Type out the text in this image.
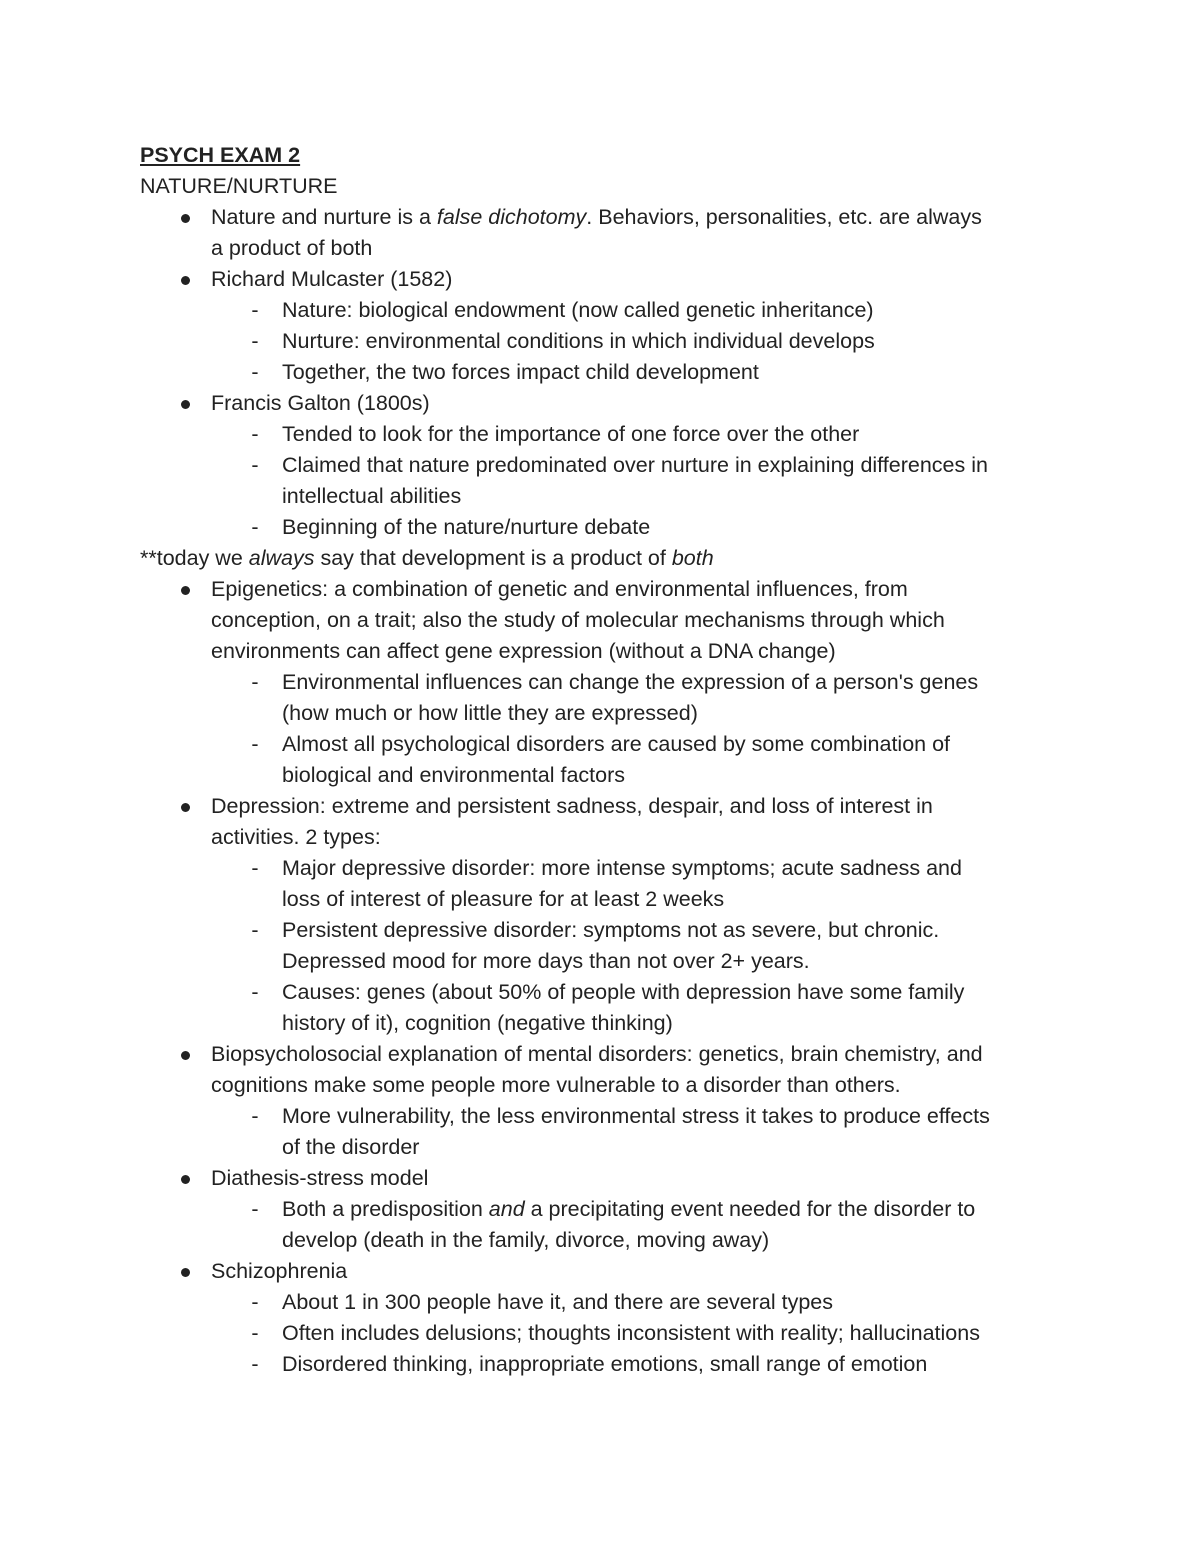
PSYCH EXAM 2
NATURE/NURTURE
Nature and nurture is a false dichotomy. Behaviors, personalities, etc. are always
a product of both
Richard Mulcaster (1582)
-	Nature: biological endowment (now called genetic inheritance)
-	Nurture: environmental conditions in which individual develops
-	Together, the two forces impact child development
Francis Galton (1800s)
-	Tended to look for the importance of one force over the other
-	Claimed that nature predominated over nurture in explaining differences in
intellectual abilities
-	Beginning of the nature/nurture debate
**today we always say that development is a product of both
Epigenetics: a combination of genetic and environmental influences, from
conception, on a trait; also the study of molecular mechanisms through which
environments can affect gene expression (without a DNA change)
-	Environmental influences can change the expression of a person's genes
(how much or how little they are expressed)
-	Almost all psychological disorders are caused by some combination of
biological and environmental factors
Depression: extreme and persistent sadness, despair, and loss of interest in
activities. 2 types:
-	Major depressive disorder: more intense symptoms; acute sadness and
loss of interest of pleasure for at least 2 weeks
-	Persistent depressive disorder: symptoms not as severe, but chronic.
Depressed mood for more days than not over 2+ years.
-	Causes: genes (about 50% of people with depression have some family
history of it), cognition (negative thinking)
Biopsycholosocial explanation of mental disorders: genetics, brain chemistry, and
cognitions make some people more vulnerable to a disorder than others.
-	More vulnerability, the less environmental stress it takes to produce effects
of the disorder
Diathesis-stress model
-	Both a predisposition and a precipitating event needed for the disorder to
develop (death in the family, divorce, moving away)
Schizophrenia
-	About 1 in 300 people have it, and there are several types
-	Often includes delusions; thoughts inconsistent with reality; hallucinations
-	Disordered thinking, inappropriate emotions, small range of emotion
